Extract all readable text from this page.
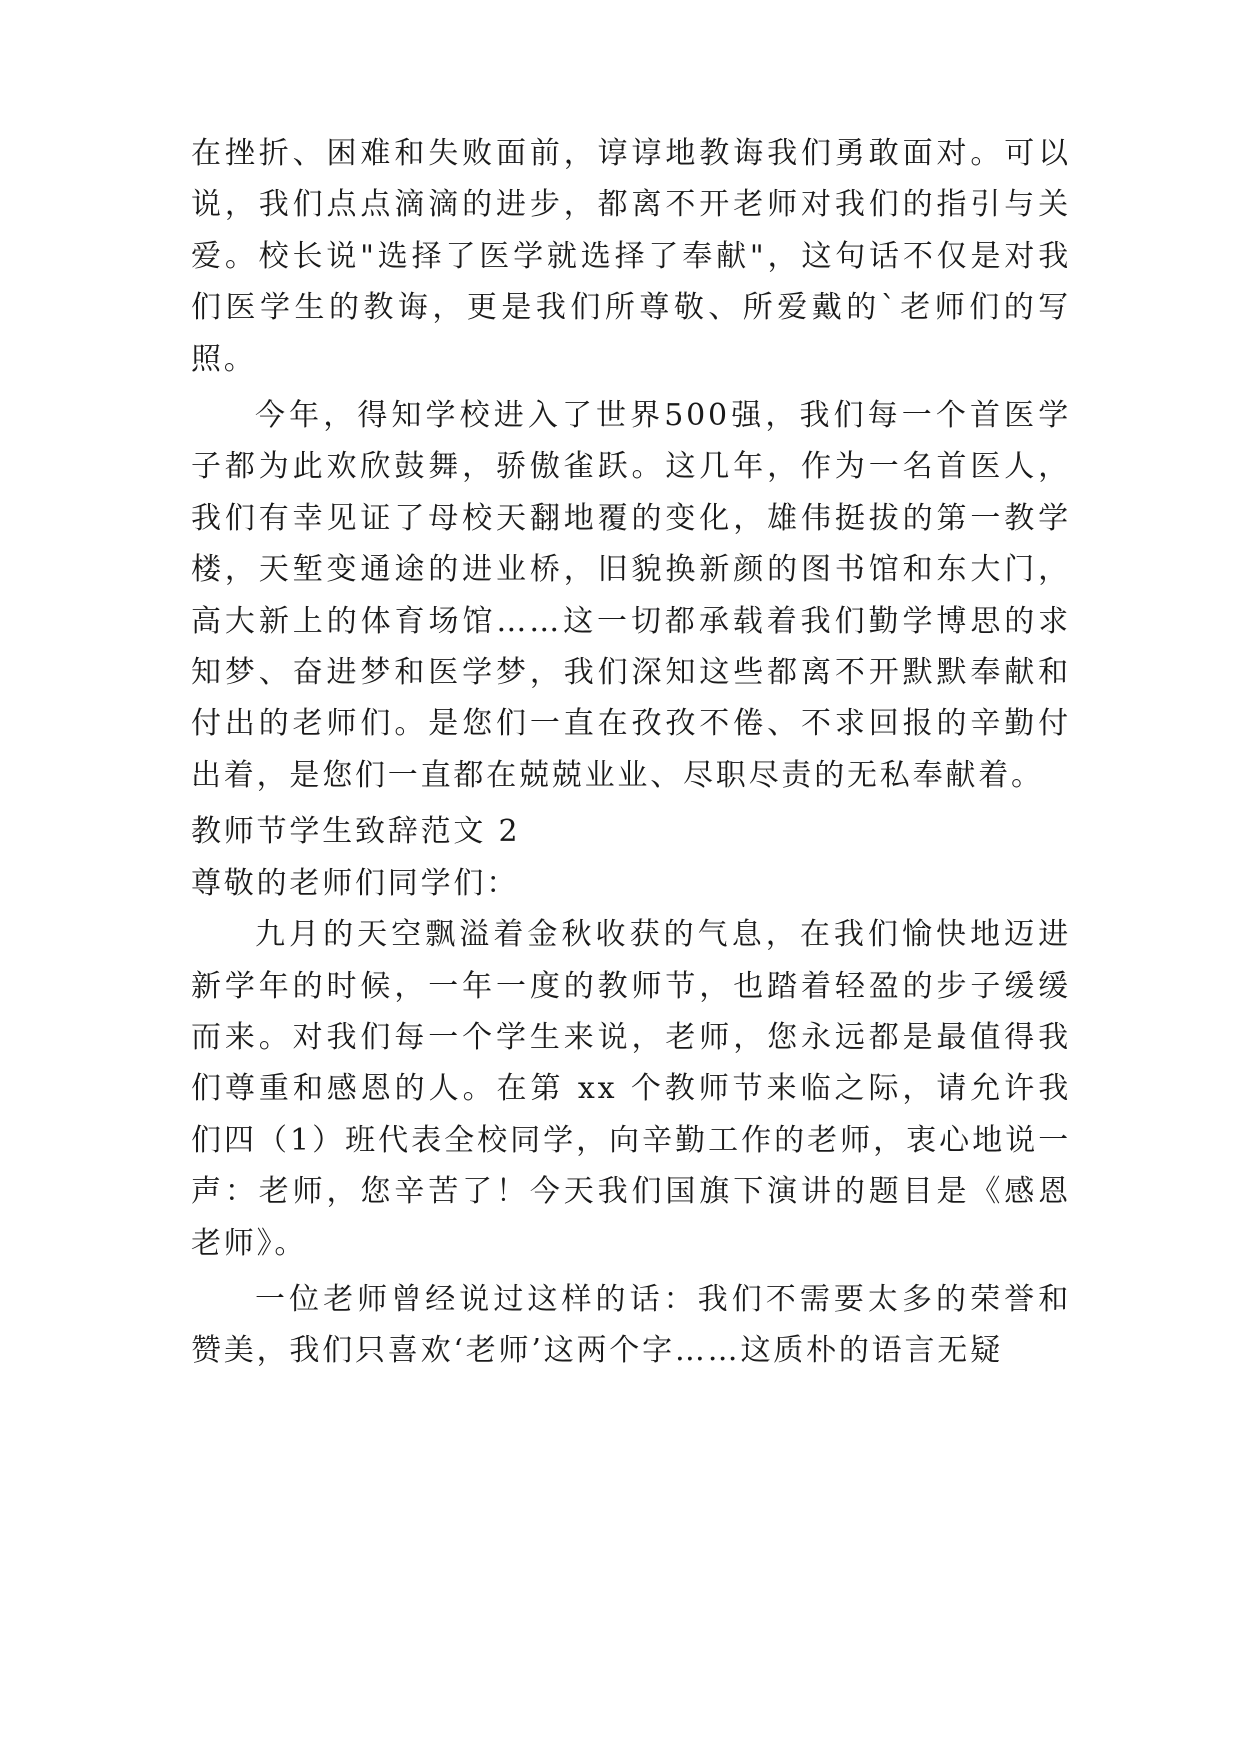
在挫折、困难和失败面前，谆谆地教诲我们勇敢面对。可以说，我们点点滴滴的进步，都离不开老师对我们的指引与关爱。校长说"选择了医学就选择了奉献"，这句话不仅是对我们医学生的教诲，更是我们所尊敬、所爱戴的`老师们的写照。

今年，得知学校进入了世界500强，我们每一个首医学子都为此欢欣鼓舞，骄傲雀跃。这几年，作为一名首医人，我们有幸见证了母校天翻地覆的变化，雄伟挺拔的第一教学楼，天堑变通途的进业桥，旧貌换新颜的图书馆和东大门，高大新上的体育场馆……这一切都承载着我们勤学博思的求知梦、奋进梦和医学梦，我们深知这些都离不开默默奉献和付出的老师们。是您们一直在孜孜不倦、不求回报的辛勤付出着，是您们一直都在兢兢业业、尽职尽责的无私奉献着。

教师节学生致辞范文 2

尊敬的老师们同学们：

九月的天空飘溢着金秋收获的气息，在我们愉快地迈进新学年的时候，一年一度的教师节，也踏着轻盈的步子缓缓而来。对我们每一个学生来说，老师，您永远都是最值得我们尊重和感恩的人。在第 xx 个教师节来临之际，请允许我们四（1）班代表全校同学，向辛勤工作的老师，衷心地说一声：老师，您辛苦了！今天我们国旗下演讲的题目是《感恩老师》。

一位老师曾经说过这样的话：我们不需要太多的荣誉和赞美，我们只喜欢‘老师’这两个字……这质朴的语言无疑
